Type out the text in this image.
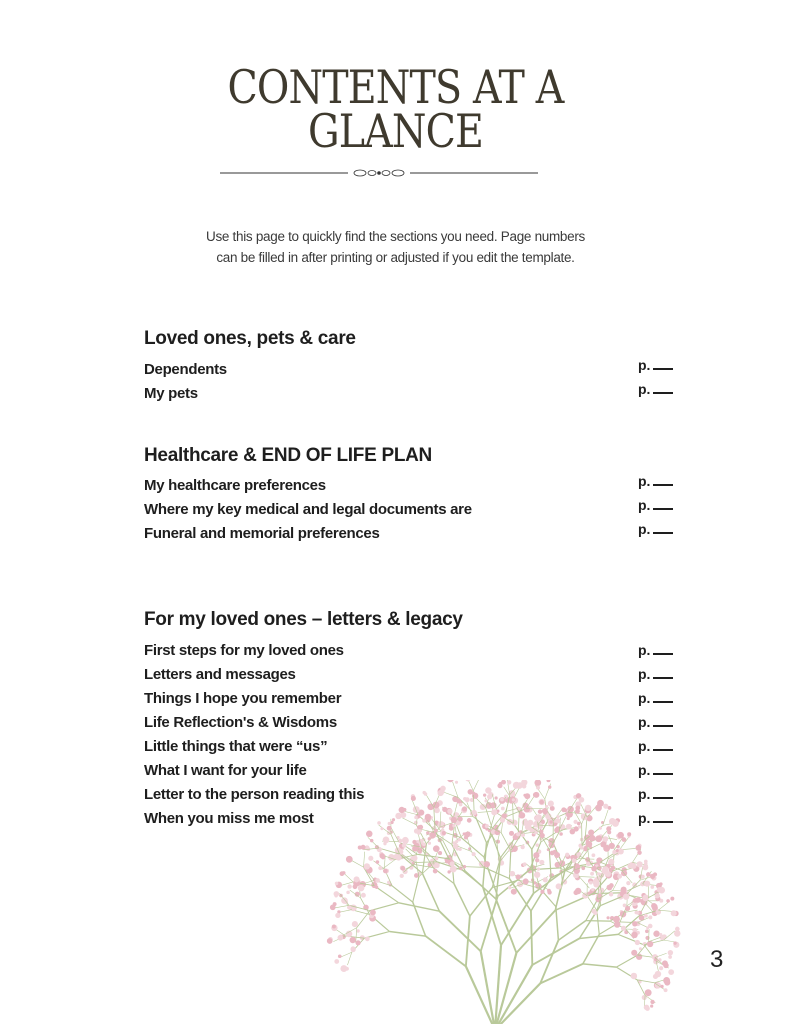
CONTENTS AT A
GLANCE
Use this page to quickly find the sections you need. Page numbers
can be filled in after printing or adjusted if you edit the template.
Loved ones, pets & care
Dependents	p.
My pets	p.
Healthcare & END OF LIFE PLAN
My healthcare preferences	p.
Where my key medical and legal documents are	p.
Funeral and memorial preferences	p.
For my loved ones – letters & legacy
First steps for my loved ones	p.
Letters and messages	p.
Things I hope you remember	p.
Life Reflection's & Wisdoms	p.
Little things that were “us”	p.
What I want for your life	p.
Letter to the person reading this	p.
When you miss me most	p.
3
